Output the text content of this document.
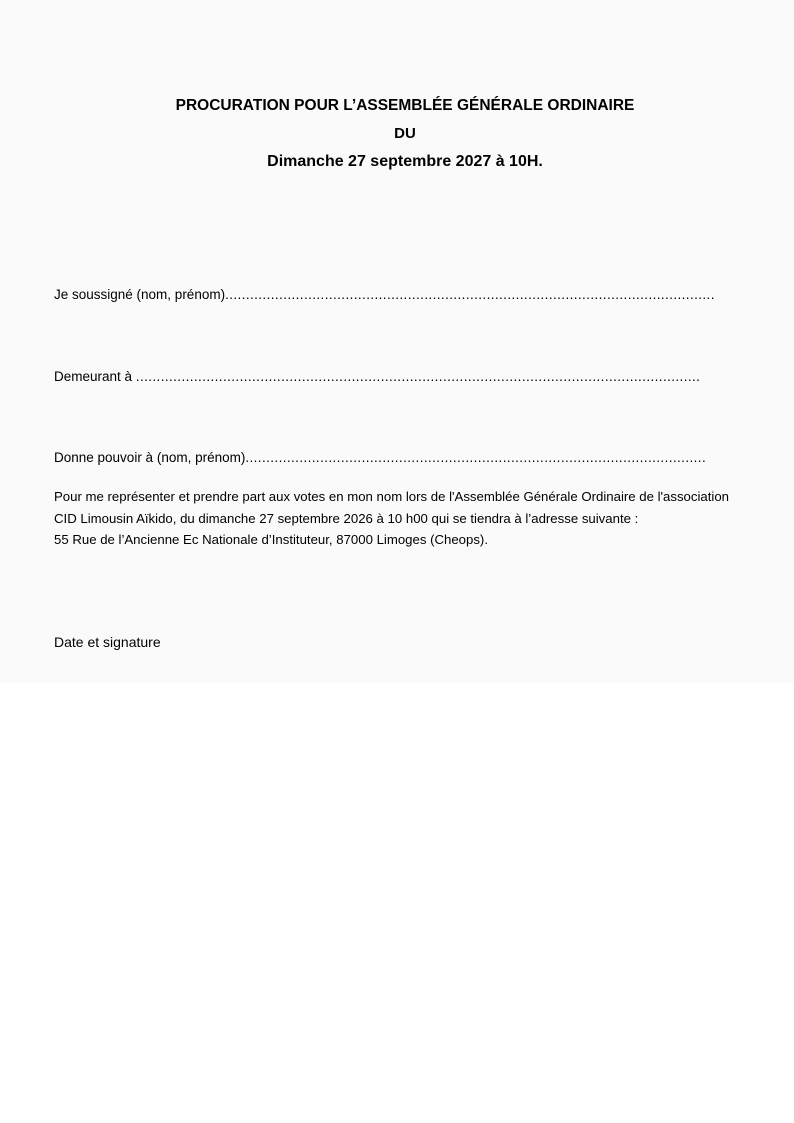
PROCURATION POUR L’ASSEMBLÉE GÉNÉRALE ORDINAIRE
DU
Dimanche 27 septembre 2027 à 10H.
Je soussigné (nom, prénom)......................................................................................................................
Demeurant à ........................................................................................................................................
Donne pouvoir à (nom, prénom)...............................................................................................................
Pour me représenter et prendre part aux votes en mon nom lors de l'Assemblée Générale Ordinaire de l'association
CID Limousin Aïkido, du dimanche 27 septembre 2026 à 10 h00 qui se tiendra à l’adresse suivante :
55 Rue de l’Ancienne Ec Nationale d’Instituteur, 87000 Limoges (Cheops).
Date et signature
